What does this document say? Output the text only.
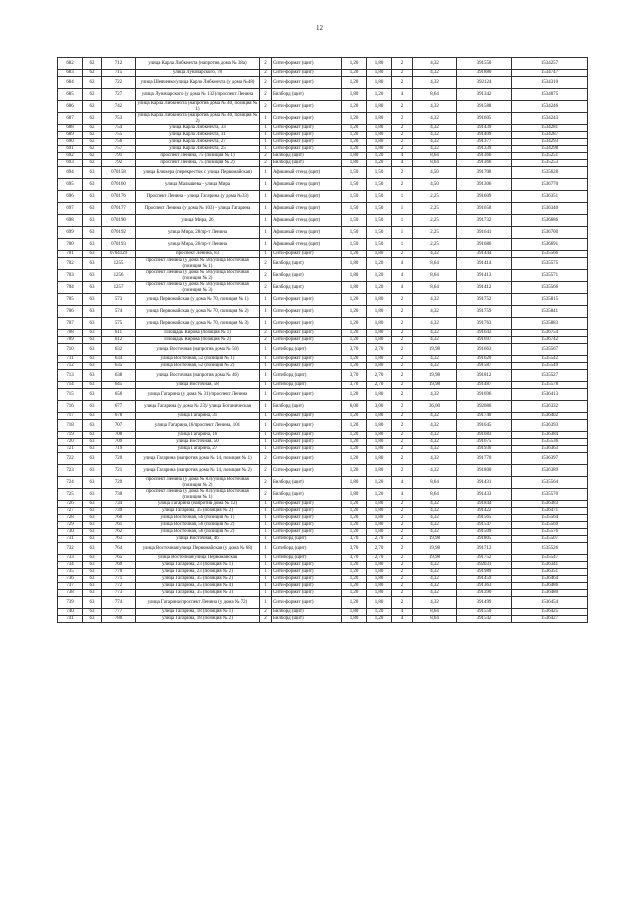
12
682	62	712	улица Карла Либкнехта (напротив дома № 38а)	2	Сити-формат (щит)	1,20	1,80	2	4,32	391550	1534257
683	62	715	улица Луначарского, 78	2	Сити-формат (щит)	1,20	1,80	2	4,32	391880	1534747
684	62	722	улица Шевченко/улица Карла Либкнехта (у дома №48)	2	Сити-формат (щит)	1,20	1,80	2	4,32	392124	1534310
685	62	727	улица Луначарского (у дома № 132)/проспект Ленина	2	Билборд (щит)	1,80	1,20	4	8,64	391342	1534875
686	62	742	улица Карла Либкнехта (напротив дома № 40, позиция № 1)	2	Сити-формат (щит)	1,20	1,80	2	4,32	391588	1534246
687	62	753	улица Карла Либкнехта (напротив дома № 40, позиция № 2)	1	Сити-формат (щит)	1,20	1,80	2	4,32	391605	1534243
688	62	754	улица Карла Либкнехта, 33	1	Сити-формат (щит)	1,20	1,80	2	4,32	391439	1534281
689	62	755	улица Карла Либкнехта, 31	1	Сити-формат (щит)	1,20	1,80	2	4,32	391409	1534287
690	62	756	улица Карла Либкнехта, 27	1	Сити-формат (щит)	1,20	1,80	2	4,32	391377	1534293
691	62	757	улица Карла Либкнехта, 25	1	Сити-формат (щит)	1,20	1,80	2	4,32	391339	1534298
692	62	791	проспект Ленина, 75 (позиция № 1)	2	Билборд (щит)	1,80	1,20	4	8,64	391366	1535251
693	62	792	проспект Ленина, 75 (позиция № 2)	2	Билборд (щит)	1,80	1,20	4	8,64	391366	1535253
694	63	070158	улица Блюхера (перекресток с улица Первомайская)	1	Афишный стенд (щит)	1,50	1,50	2	4,50	391708	1535628
695	63	070160	улица Малышева - улица Мира	1	Афишный стенд (щит)	1,50	1,50	2	4,50	391306	1536770
696	63	070176	Проспект Ленина - улица Гагарина (у дома №33)	1	Афишный стенд (щит)	1,50	1,50	1	2,25	391609	1536351
697	63	070177	Проспект Ленина (у дома № 103) - улица Гагарина	1	Афишный стенд (щит)	1,50	1,50	1	2,25	391658	1536340
698	63	070190	улица Мира, 26	1	Афишный стенд (щит)	1,50	1,50	1	2,25	391732	1536686
699	63	070192	улица Мира, 28/пр-т Ленина	1	Афишный стенд (щит)	1,50	1,50	1	2,25	391641	1536700
700	63	070193	улица Мира, 26/пр-т Ленина	1	Афишный стенд (щит)	1,50	1,50	1	2,25	391686	1536691
701	63	0704129	проспект Ленина, 83	1	Сити-формат (щит)	1,20	1,80	2	4,32	391444	1535566
702	63	1255	проспект Ленина (у дома № 58)/улица Восточная (позиция № 1)	2	Билборд (щит)	1,80	1,20	4	8,64	391414	1535575
703	63	1256	проспект Ленина (у дома № 58)/улица Восточная (позиция № 2)	2	Билборд (щит)	1,80	1,20	4	8,64	391413	1535571
704	63	1257	проспект Ленина (у дома № 58)/улица Восточная (позиция № 3)	2	Билборд (щит)	1,80	1,20	4	8,64	391412	1535566
705	63	573	улица Первомайская (у дома № 70, позиция № 1)	1	Сити-формат (щит)	1,20	1,80	2	4,32	391752	1535815
706	63	574	улица Первомайская (у дома № 70, позиция № 2)	1	Сити-формат (щит)	1,20	1,80	2	4,32	391759	1535841
707	63	575	улица Первомайская (у дома № 70, позиция № 3)	1	Сити-формат (щит)	1,20	1,80	2	4,32	391763	1535883
708	63	611	Площадь Кирова (позиция № 1)	2	Сити-формат (щит)	1,20	1,80	2	4,32	391643	1536754
709	63	612	Площадь Кирова (позиция № 2)	2	Сити-формат (щит)	1,20	1,80	2	4,32	391697	1536742
710	63	632	улица Восточная (напротив дома № 50)	1	Ситиборд (щит)	3,70	2,70	2	19,98	391663	1535567
711	63	634	улица Восточная, 52 (позиция № 1)	1	Сити-формат (щит)	1,20	1,80	2	4,32	391620	1535542
712	63	635	улица Восточная, 52 (позиция № 2)	1	Сити-формат (щит)	1,20	1,80	2	4,32	391587	1535549
713	63	638	улица Восточная (напротив дома № 46)	1	Ситиборд (щит)	3,70	2,70	2	19,98	391812	1535527
714	63	645	улица Восточная, 58	1	Ситиборд (щит)	3,70	2,70	2	19,98	391487	1535578
715	63	656	улица Гагарина (у дома № 31)/проспект Ленина	1	Сити-формат (щит)	1,20	1,80	2	4,32	391696	1536413
716	63	677	улица Гагарина (у дома № 23)/ улица Ботаническая	1	Билборд (щит)	6,00	3,00	2	36,00	392086	1536332
717	63	678	улица Гагарина, 31	1	Сити-формат (щит)	1,20	1,80	2	4,32	391740	1536402
718	63	707	улица Гагарина,16/проспект Ленина, 101	1	Сити-формат (щит)	1,20	1,80	2	4,32	391645	1536393
719	63	708	улица Гагарина, 16	1	Сити-формат (щит)	1,20	1,80	2	4,32	391683	1536384
720	63	709	улица Восточная, 50	1	Сити-формат (щит)	1,20	1,80	2	4,32	391675	1535536
721	63	719	улица Гагарина, 27	1	Сити-формат (щит)	1,20	1,80	2	4,32	391930	1536363
722	63	720	улица Гагарина (напротив дома № 14, позиция № 1)	2	Сити-формат (щит)	1,20	1,80	2	4,32	391770	1536397
723	63	721	улица Гагарина (напротив дома № 14, позиция № 2)	2	Сити-формат (щит)	1,20	1,80	2	4,32	391800	1536389
724	63	729	проспект Ленина (у дома № 83)/улица Восточная (позиция № 2)	2	Билборд (щит)	1,80	1,20	4	8,64	391431	1535564
725	63	730	проспект Ленина (у дома № 83)/улица Восточная (позиция № 1)	2	Билборд (щит)	1,80	1,20	4	8,64	391433	1535570
726	63	734	улица Гагарина (напротив дома № 12)	1	Сити-формат (щит)	1,20	1,80	2	4,32	391844	1536383
727	63	739	улица Гагарина, 35 (позиция № 2)	1	Сити-формат (щит)	1,20	1,80	2	4,32	391422	1536471
728	63	760	улица Восточная, 56 (позиция № 1)	1	Сити-формат (щит)	1,20	1,80	2	4,32	391565	1535564
729	63	761	улица Восточная, 56 (позиция № 2)	1	Сити-формат (щит)	1,20	1,80	2	4,32	391547	1535569
730	63	762	улица Восточная, 56 (позиция № 2)	1	Сити-формат (щит)	1,20	1,80	2	4,32	391509	1535576
731	63	763	улица Восточная, 46	1	Ситиборд (щит)	3,70	2,70	2	19,98	391805	1535507
732	63	764	улица Восточная/улица Первомайская (у дома № 68)	1	Ситиборд (щит)	3,70	2,70	2	19,98	391713	1535526
733	63	765	улица Восточная/улица Первомайская	1	Ситиборд (щит)	3,70	2,70	2	19,98	391752	1535547
734	63	769	улица Гагарина, 23 (позиция № 1)	1	Сити-формат (щит)	1,20	1,80	2	4,32	392031	1536341
735	63	770	улица Гагарина, 23 (позиция № 2)	1	Сити-формат (щит)	1,20	1,80	2	4,32	391989	1536351
736	63	771	улица Гагарина, 35 (позиция № 2)	1	Сити-формат (щит)	1,20	1,80	2	4,32	391459	1536464
737	63	772	улица Гагарина, 35 (позиция № 4)	1	Сити-формат (щит)	1,20	1,80	2	4,32	391363	1536486
738	63	773	улица Гагарина, 35 (позиция № 3)	1	Сити-формат (щит)	1,20	1,80	2	4,32	391390	1536480
739	63	774	улица Гагарина/проспект Ленина (у дома № 72)	1	Сити-формат (щит)	1,20	1,80	2	4,32	391499	1536454
740	63	777	улица Гагарина, 18 (позиция № 1)	2	Билборд (щит)	1,80	1,20	4	8,64	391550	1536425
741	63	780	улица Гагарина, 18 (позиция № 2)	2	Билборд (щит)	1,80	1,20	4	8,64	391542	1536427
